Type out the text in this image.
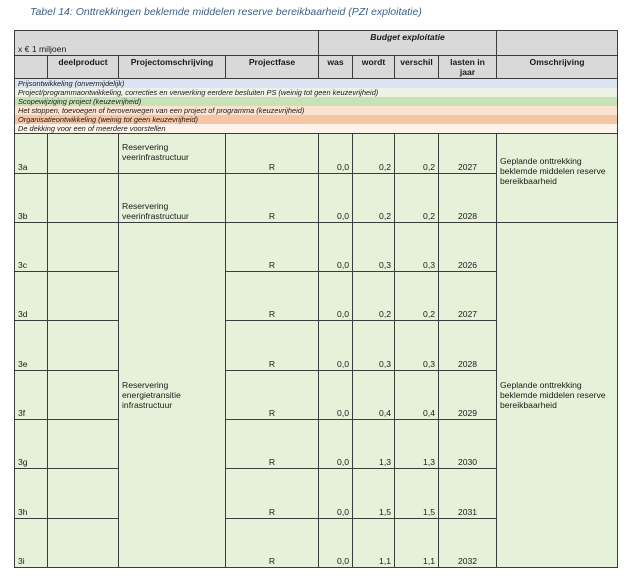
Tabel 14: Onttrekkingen beklemde middelen reserve bereikbaarheid (PZI exploitatie)
x € 1 miljoen				Budget exploitatie				
	deelproduct	Projectomschrijving	Projectfase	was	wordt	verschil	lasten in jaar	Omschrijving
Prijsontwikkeling (onvermijdelijk)								
Project/programmaontwikkeling, correcties en verwerking eerdere besluiten PS (weinig tot geen keuzevrijheid)								
Scopewijziging project (keuzevrijheid)								
Het stoppen, toevoegen of heroverwegen van een project of programma (keuzevrijheid)								
Organisatieontwikkeling (weinig tot geen keuzevrijheid)								
De dekking voor een of meerdere voorstellen								
3a		Reservering veerinfrastructuur	R	0,0	0,2	0,2	2027	Geplande onttrekking beklemde middelen reserve bereikbaarheid
3b		Reservering veerinfrastructuur	R	0,0	0,2	0,2	2028	
3c		Reservering energietransitie infrastructuur	R	0,0	0,3	0,3	2026	Geplande onttrekking beklemde middelen reserve bereikbaarheid
3d			R	0,0	0,2	0,2	2027	
3e			R	0,0	0,3	0,3	2028	
3f			R	0,0	0,4	0,4	2029	
3g			R	0,0	1,3	1,3	2030	
3h			R	0,0	1,5	1,5	2031	
3i			R	0,0	1,1	1,1	2032	
